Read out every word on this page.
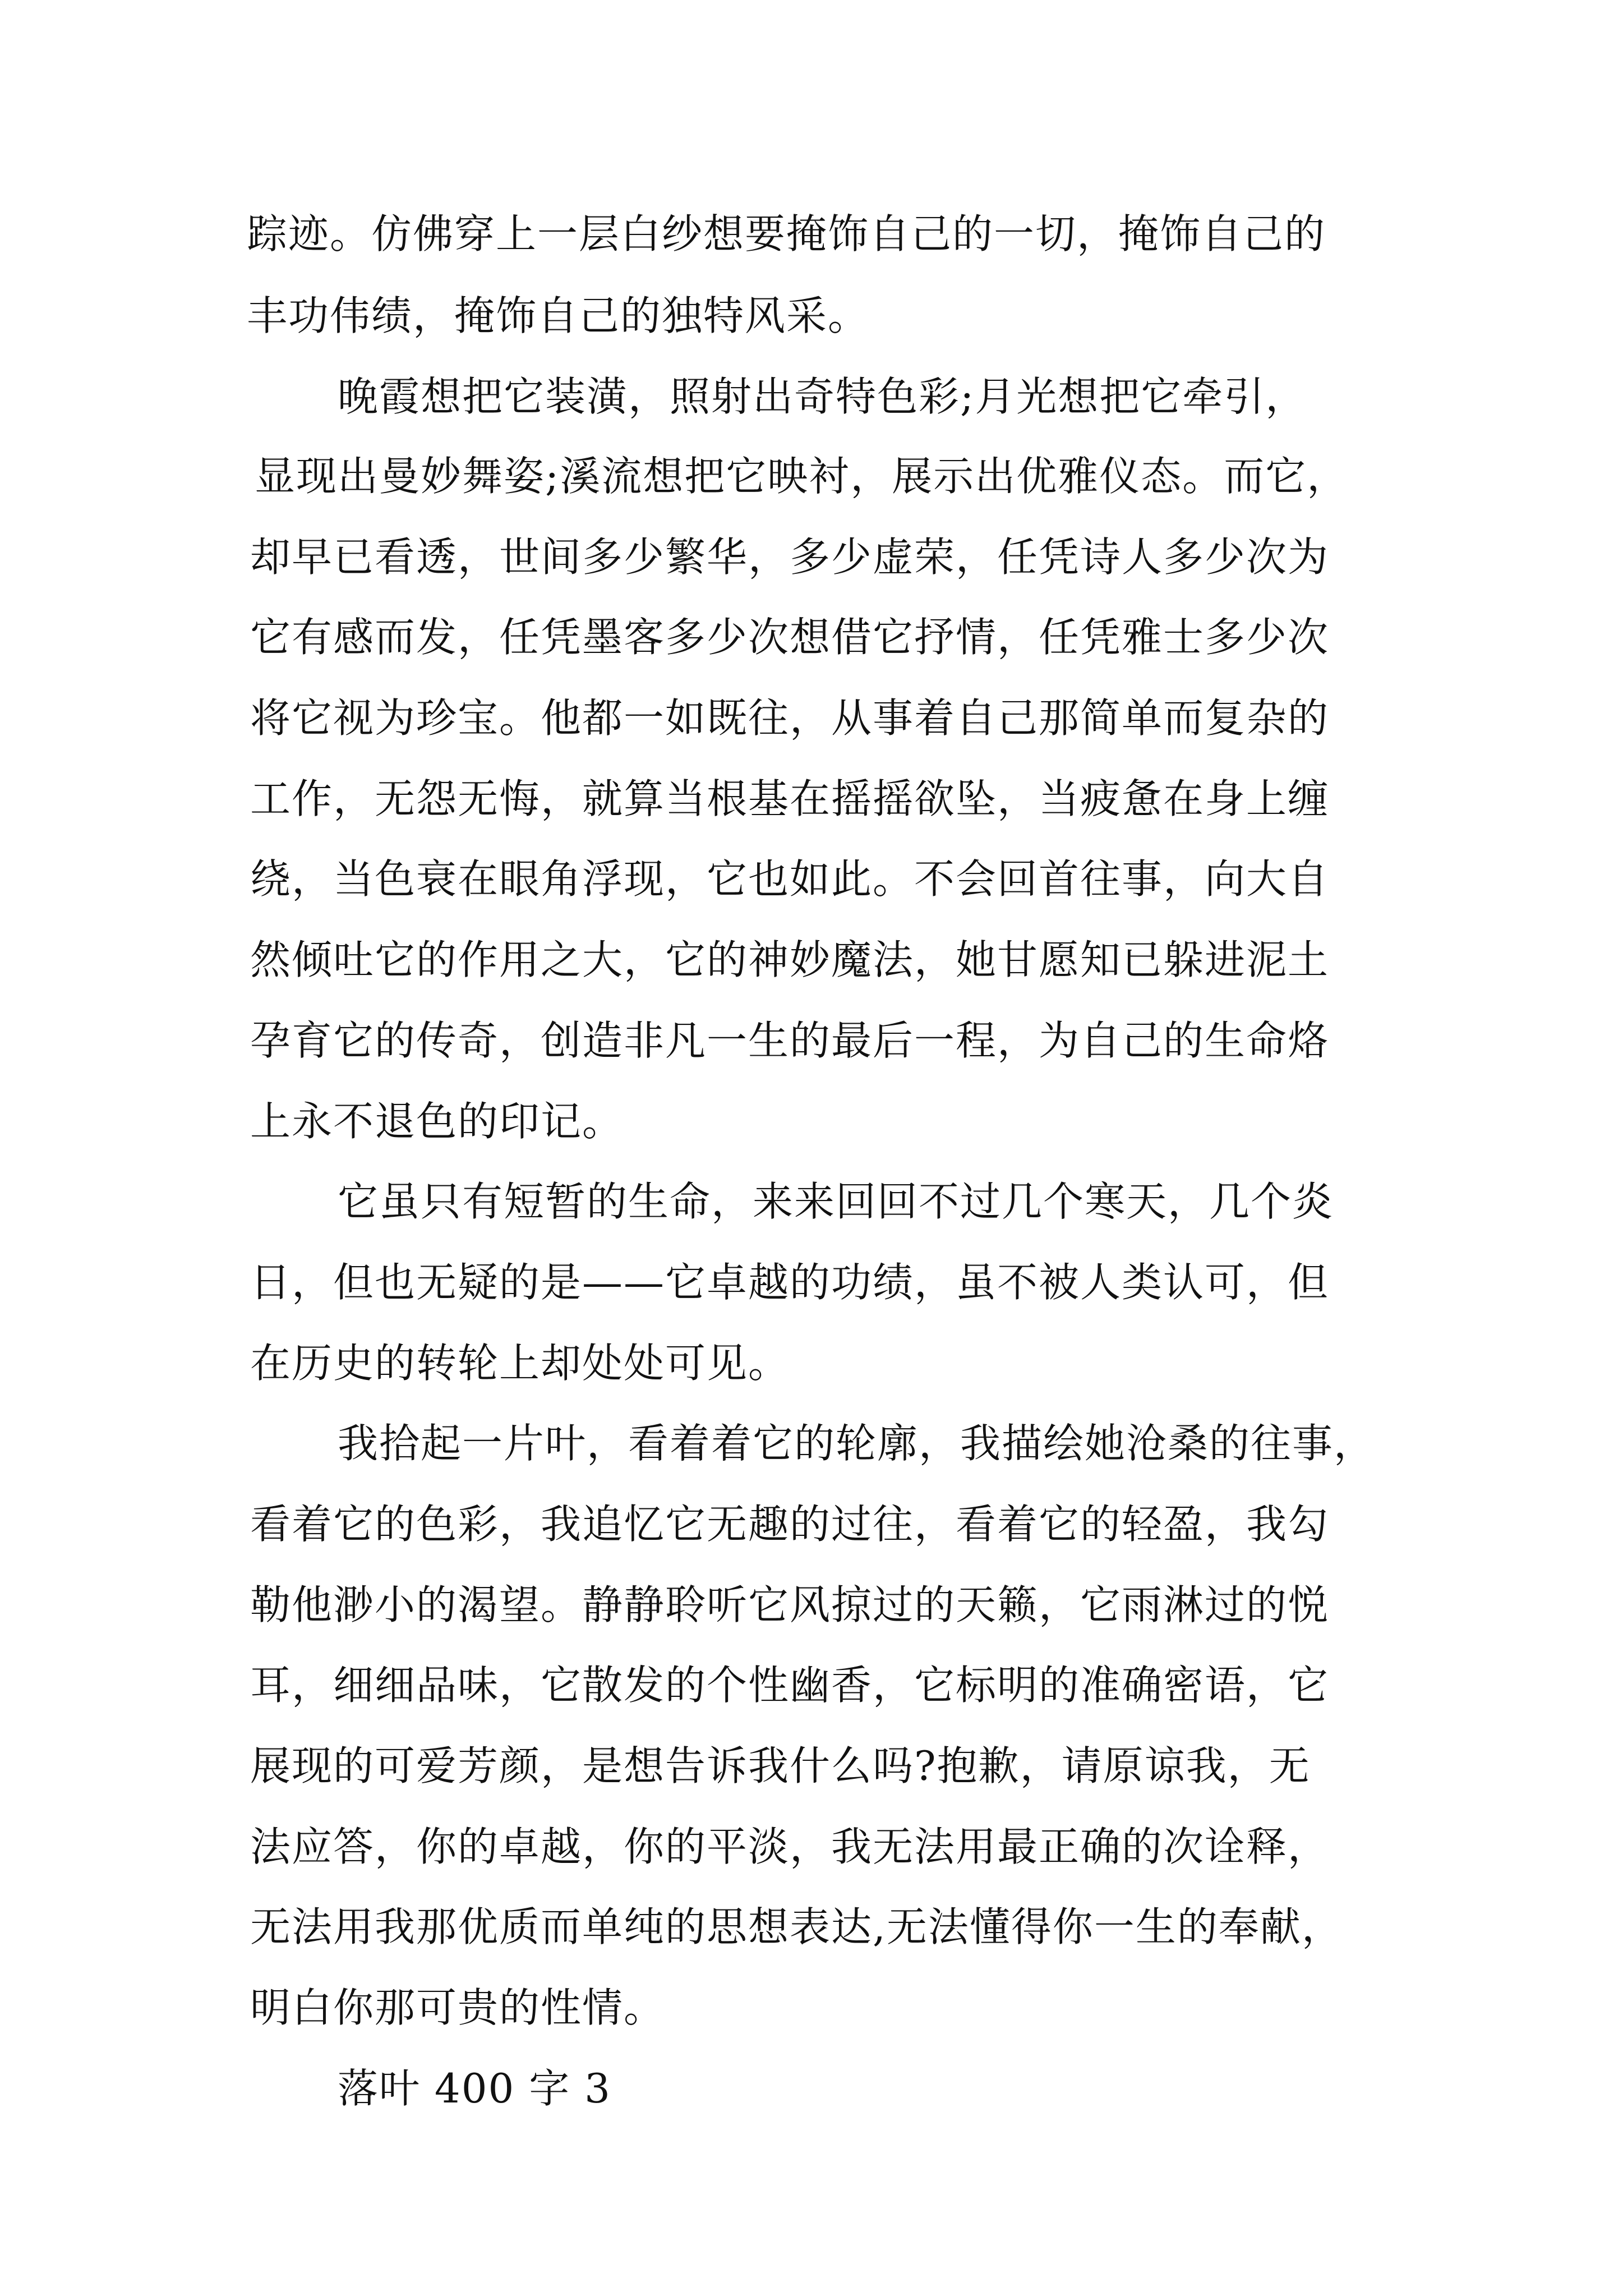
踪迹。仿佛穿上一层白纱想要掩饰自己的一切，掩饰自己的
丰功伟绩，掩饰自己的独特风采。
晚霞想把它装潢，照射出奇特色彩;月光想把它牵引，
显现出曼妙舞姿;溪流想把它映衬，展示出优雅仪态。而它，
却早已看透，世间多少繁华，多少虚荣，任凭诗人多少次为
它有感而发，任凭墨客多少次想借它抒情，任凭雅士多少次
将它视为珍宝。他都一如既往，从事着自己那简单而复杂的
工作，无怨无悔，就算当根基在摇摇欲坠，当疲惫在身上缠
绕，当色衰在眼角浮现，它也如此。不会回首往事，向大自
然倾吐它的作用之大，它的神妙魔法，她甘愿知已躲进泥土
孕育它的传奇，创造非凡一生的最后一程，为自己的生命烙
上永不退色的印记。
它虽只有短暂的生命，来来回回不过几个寒天，几个炎
日，但也无疑的是——它卓越的功绩，虽不被人类认可，但
在历史的转轮上却处处可见。
我拾起一片叶，看着着它的轮廓，我描绘她沧桑的往事，
看着它的色彩，我追忆它无趣的过往，看着它的轻盈，我勾
勒他渺小的渴望。静静聆听它风掠过的天籁，它雨淋过的悦
耳，细细品味，它散发的个性幽香，它标明的准确密语，它
展现的可爱芳颜，是想告诉我什么吗?抱歉，请原谅我，无
法应答，你的卓越，你的平淡，我无法用最正确的次诠释，
无法用我那优质而单纯的思想表达,无法懂得你一生的奉献，
明白你那可贵的性情。
落叶 400 字 3
